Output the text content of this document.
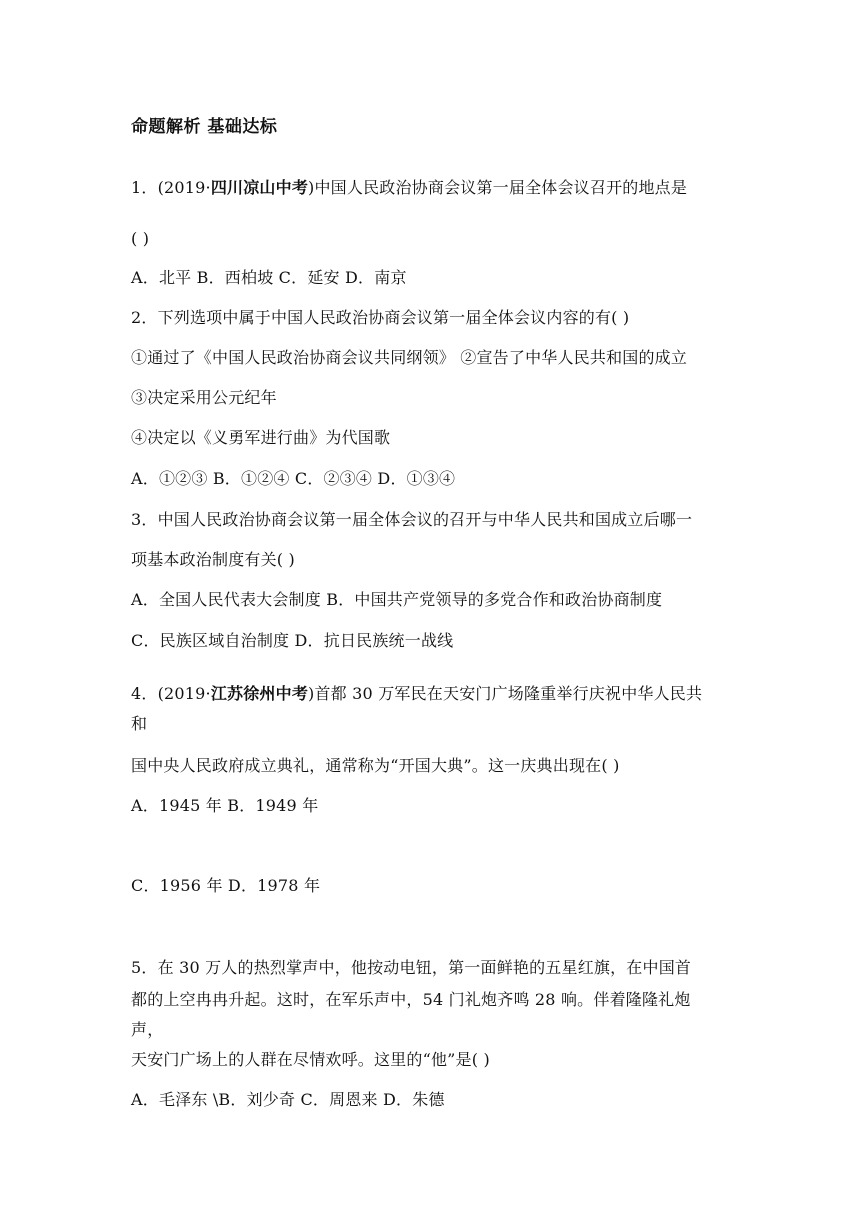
命题解析 基础达标
1．(2019·四川凉山中考)中国人民政治协商会议第一届全体会议召开的地点是
( )
A．北平 B．西柏坡 C．延安 D．南京
2．下列选项中属于中国人民政治协商会议第一届全体会议内容的有( )
①通过了《中国人民政治协商会议共同纲领》 ②宣告了中华人民共和国的成立
③决定采用公元纪年
④决定以《义勇军进行曲》为代国歌
A．①②③ B．①②④ C．②③④ D．①③④
3．中国人民政治协商会议第一届全体会议的召开与中华人民共和国成立后哪一
项基本政治制度有关( )
A．全国人民代表大会制度 B．中国共产党领导的多党合作和政治协商制度
C．民族区域自治制度 D．抗日民族统一战线
4．(2019·江苏徐州中考)首都 30 万军民在天安门广场隆重举行庆祝中华人民共
和
国中央人民政府成立典礼，通常称为“开国大典”。这一庆典出现在( )
A．1945 年 B．1949 年
C．1956 年 D．1978 年
5．在 30 万人的热烈掌声中，他按动电钮，第一面鲜艳的五星红旗，在中国首
都的上空冉冉升起。这时，在军乐声中，54 门礼炮齐鸣 28 响。伴着隆隆礼炮
声，
天安门广场上的人群在尽情欢呼。这里的“他”是( )
A．毛泽东 \B．刘少奇 C．周恩来 D．朱德
